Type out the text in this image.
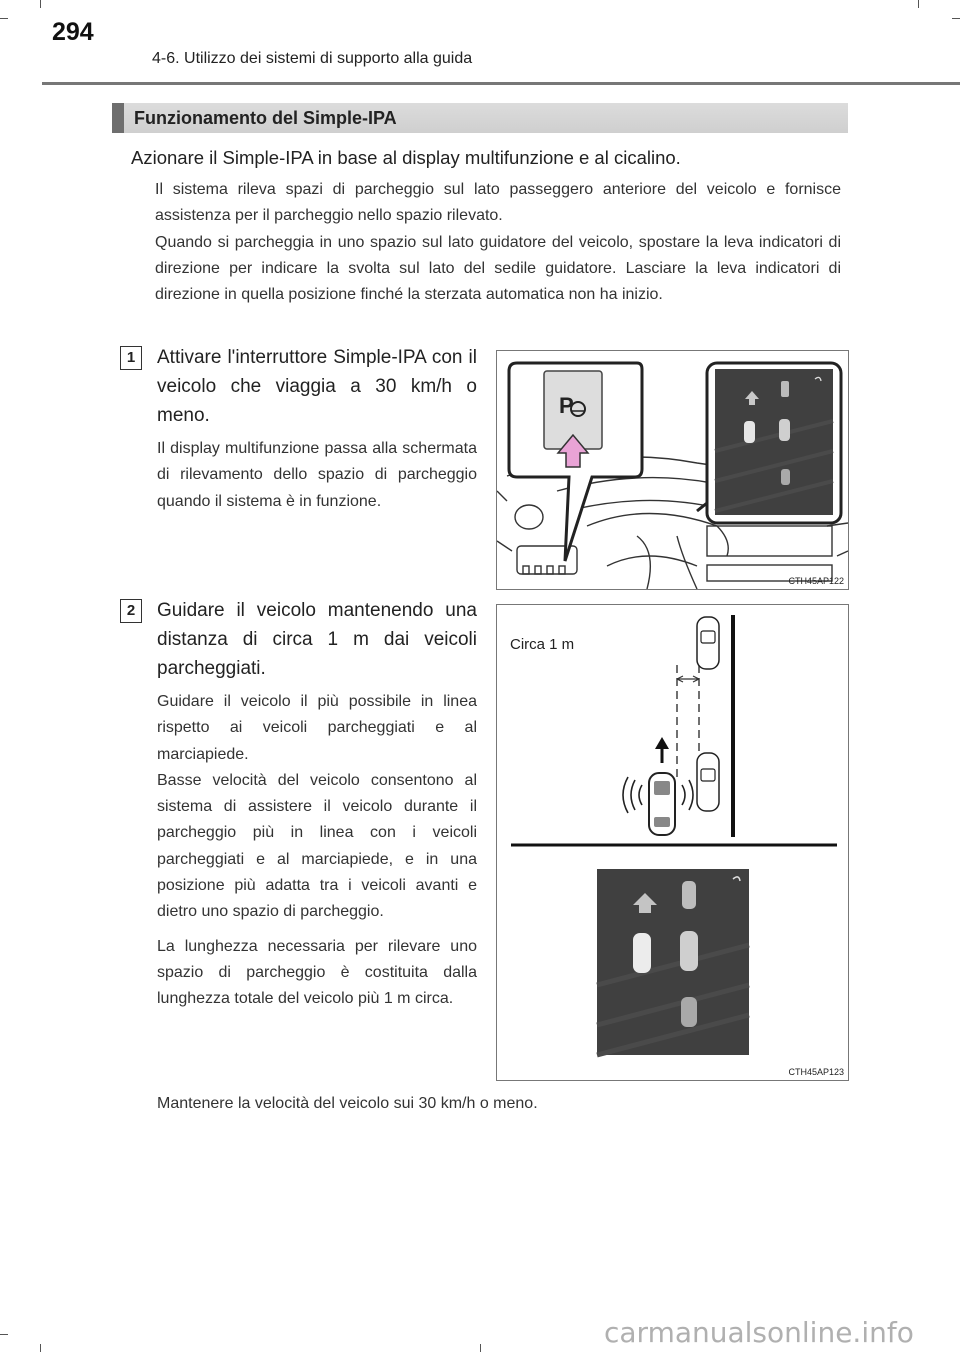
294
4-6. Utilizzo dei sistemi di supporto alla guida
Funzionamento del Simple-IPA
Azionare il Simple-IPA in base al display multifunzione e al cicalino.

Il sistema rileva spazi di parcheggio sul lato passeggero anteriore del veicolo e fornisce assistenza per il parcheggio nello spazio rilevato.

Quando si parcheggia in uno spazio sul lato guidatore del veicolo, spostare la leva indicatori di direzione per indicare la svolta sul lato del sedile guidatore. Lasciare la leva indicatori di direzione in quella posizione finché la sterzata automatica non ha inizio.

1	Attivare l'interruttore Simple-IPA con il veicolo che viaggia a 30 km/h o meno.

Il display multifunzione passa alla schermata di rilevamento dello spazio di parcheggio quando il sistema è in funzione.

P
CTH45AP122
2	Guidare il veicolo mantenendo una distanza di circa 1 m dai veicoli parcheggiati.

Guidare il veicolo il più possibile in linea rispetto ai veicoli parcheggiati e al marciapiede.

Basse velocità del veicolo consentono al sistema di assistere il veicolo durante il parcheggio più in linea con i veicoli parcheggiati e al marciapiede, e in una posizione più adatta tra i veicoli avanti e dietro uno spazio di parcheggio.

La lunghezza necessaria per rilevare uno spazio di parcheggio è costituita dalla lunghezza totale del veicolo più 1 m circa.

Circa 1 m
CTH45AP123
Mantenere la velocità del veicolo sui 30 km/h o meno.
carmanualsonline.info
